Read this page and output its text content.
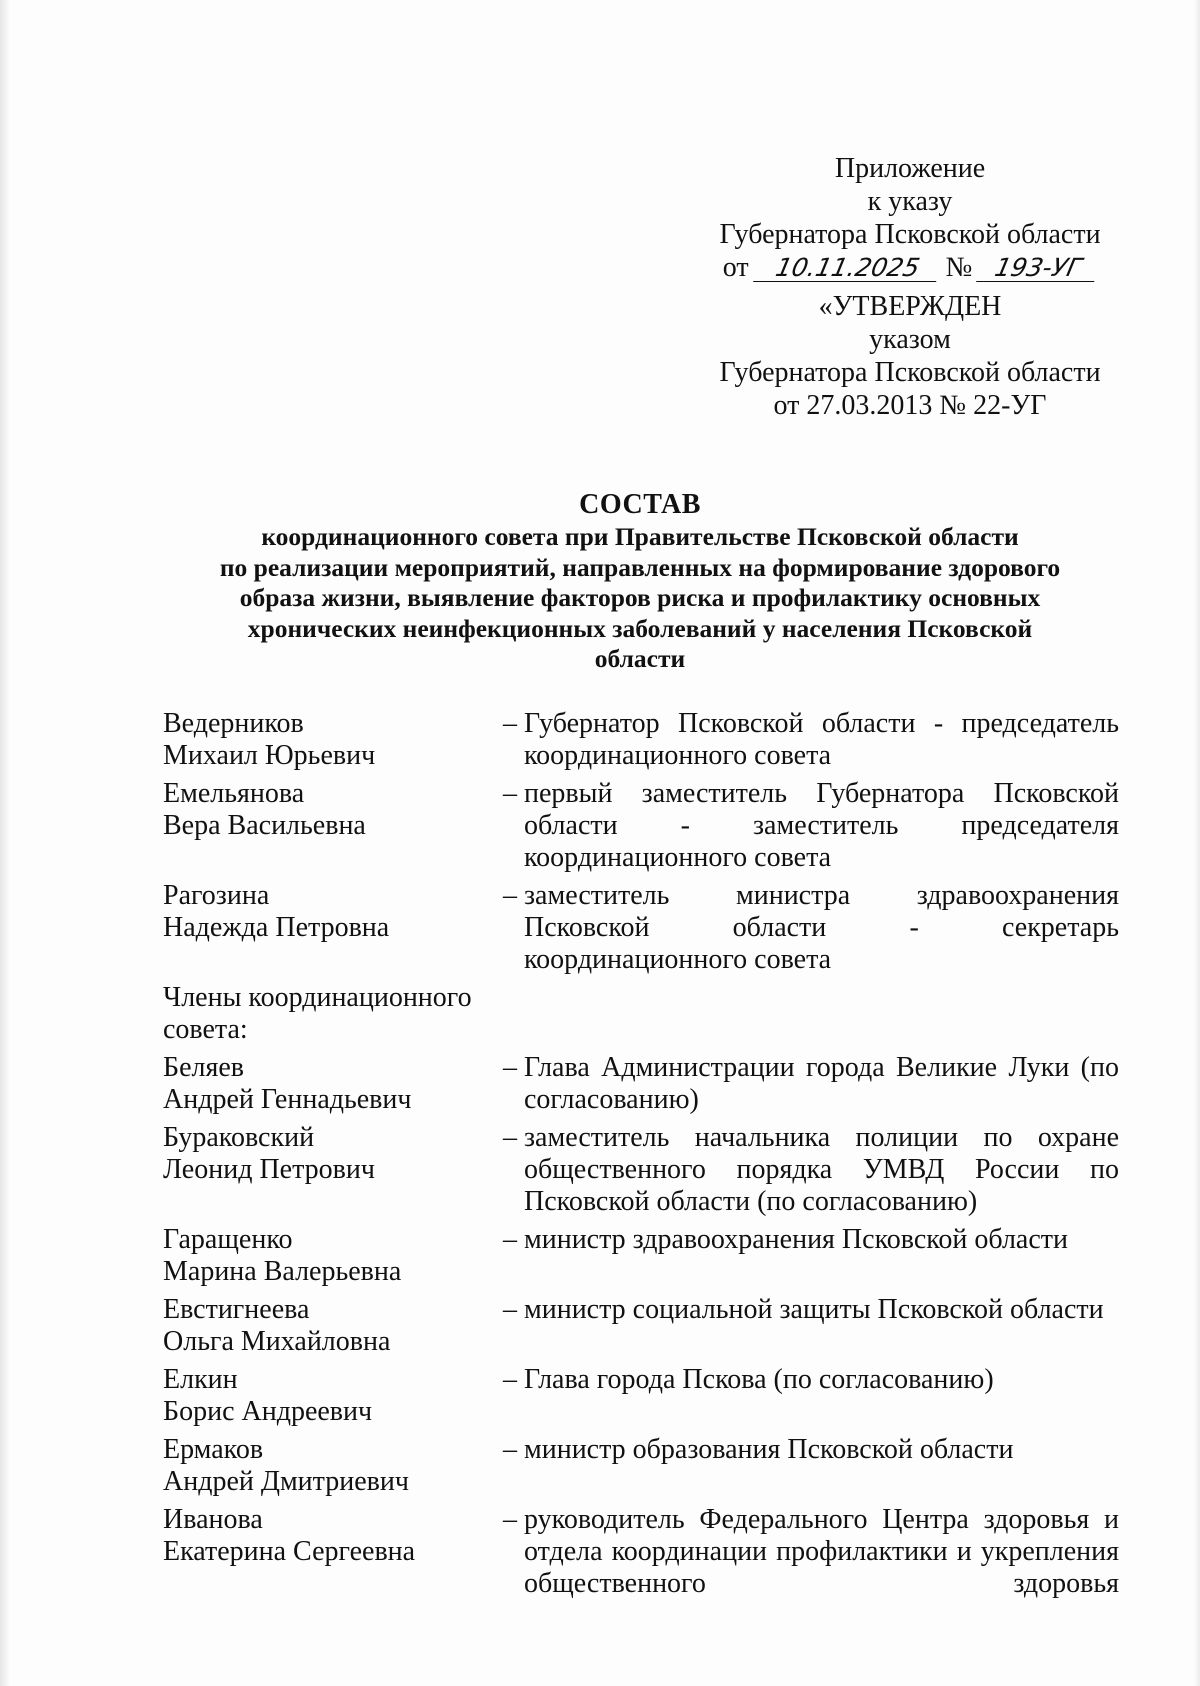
Приложение
к указу
Губернатора Псковской области
от 10.11.2025 № 193-УГ
«УТВЕРЖДЕН
указом
Губернатора Псковской области
от 27.03.2013 № 22-УГ
СОСТАВ
координационного совета при Правительстве Псковской области
по реализации мероприятий, направленных на формирование здорового
образа жизни, выявление факторов риска и профилактику основных
хронических неинфекционных заболеваний у населения Псковской
области
Ведерников
Михаил Юрьевич
– Губернатор Псковской области - председатель координационного совета
Емельянова
Вера Васильевна
– первый заместитель Губернатора Псковской области - заместитель председателя координационного совета
Рагозина
Надежда Петровна
– заместитель министра здравоохранения Псковской области - секретарь координационного совета
Члены координационного совета:
Беляев
Андрей Геннадьевич
– Глава Администрации города Великие Луки (по согласованию)
Бураковский
Леонид Петрович
– заместитель начальника полиции по охране общественного порядка УМВД России по Псковской области (по согласованию)
Гаращенко
Марина Валерьевна
– министр здравоохранения Псковской области
Евстигнеева
Ольга Михайловна
– министр социальной защиты Псковской области
Елкин
Борис Андреевич
– Глава города Пскова (по согласованию)
Ермаков
Андрей Дмитриевич
– министр образования Псковской области
Иванова
Екатерина Сергеевна
– руководитель Федерального Центра здоровья и отдела координации профилактики и укрепления общественного здоровья
